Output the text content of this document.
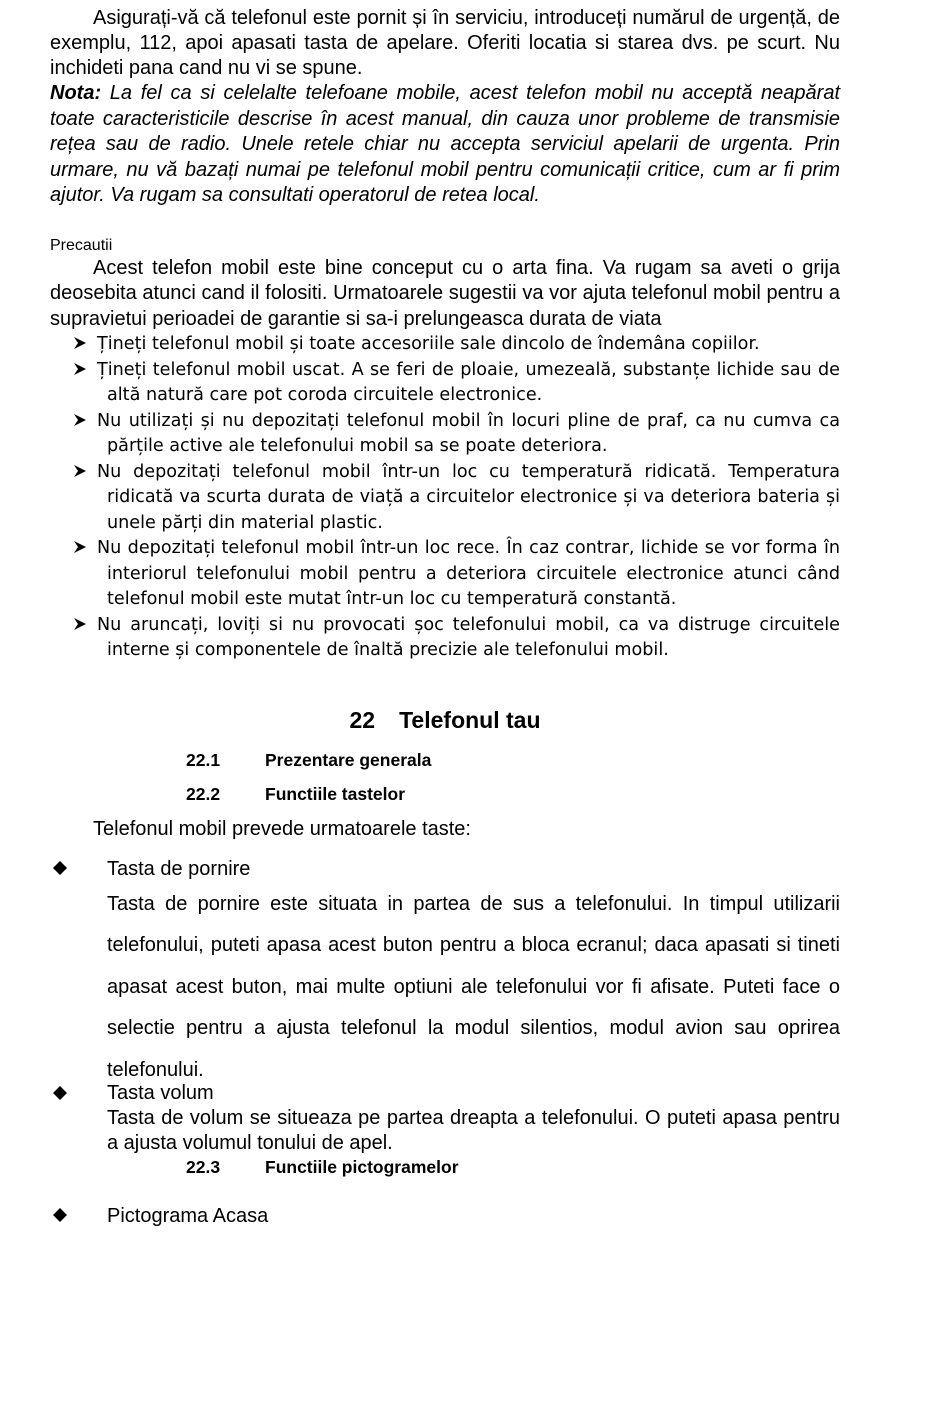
Asigurați-vă că telefonul este pornit și în serviciu, introduceți numărul de urgență, de exemplu, 112, apoi apasati tasta de apelare. Oferiti locatia si starea dvs. pe scurt. Nu inchideti pana cand nu vi se spune.

Nota: La fel ca si celelalte telefoane mobile, acest telefon mobil nu acceptă neapărat toate caracteristicile descrise în acest manual, din cauza unor probleme de transmisie rețea sau de radio. Unele retele chiar nu accepta serviciul apelarii de urgenta. Prin urmare, nu vă bazați numai pe telefonul mobil pentru comunicații critice, cum ar fi prim ajutor. Va rugam sa consultati operatorul de retea local.

Precautii

Acest telefon mobil este bine conceput cu o arta fina. Va rugam sa aveti o grija deosebita atunci cand il folositi. Urmatoarele sugestii va vor ajuta telefonul mobil pentru a supravietui perioadei de garantie si sa-i prelungeasca durata de viata

Țineți telefonul mobil și toate accesoriile sale dincolo de îndemâna copiilor.
Țineți telefonul mobil uscat. A se feri de ploaie, umezeală, substanțe lichide sau de altă natură care pot coroda circuitele electronice.
Nu utilizați și nu depozitați telefonul mobil în locuri pline de praf, ca nu cumva ca părțile active ale telefonului mobil sa se poate deteriora.
Nu depozitați telefonul mobil într-un loc cu temperatură ridicată. Temperatura ridicată va scurta durata de viață a circuitelor electronice și va deteriora bateria și unele părți din material plastic.
Nu depozitați telefonul mobil într-un loc rece. În caz contrar, lichide se vor forma în interiorul telefonului mobil pentru a deteriora circuitele electronice atunci când telefonul mobil este mutat într-un loc cu temperatură constantă.
Nu aruncați, loviți si nu provocati șoc telefonului mobil, ca va distruge circuitele interne și componentele de înaltă precizie ale telefonului mobil.
22 Telefonul tau
22.1	Prezentare generala
22.2	Functiile tastelor

Telefonul mobil prevede urmatoarele taste:

Tasta de pornire

Tasta de pornire este situata in partea de sus a telefonului. In timpul utilizarii telefonului, puteti apasa acest buton pentru a bloca ecranul; daca apasati si tineti apasat acest buton, mai multe optiuni ale telefonului vor fi afisate. Puteti face o selectie pentru a ajusta telefonul la modul silentios, modul avion sau oprirea telefonului.

Tasta volum

Tasta de volum se situeaza pe partea dreapta a telefonului. O puteti apasa pentru a ajusta volumul tonului de apel.

22.3	Functiile pictogramelor
Pictograma Acasa
